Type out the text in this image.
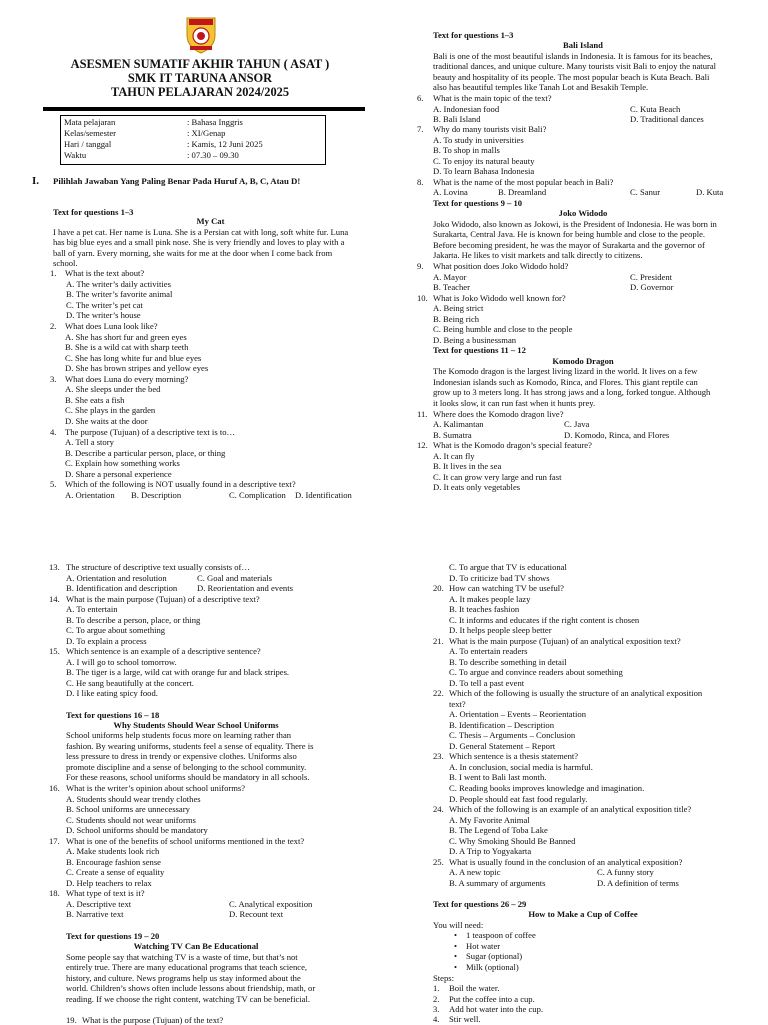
ASESMEN SUMATIF AKHIR TAHUN ( ASAT )
SMK IT TARUNA ANSOR
TAHUN PELAJARAN 2024/2025
Mata pelajaran	: Bahasa Inggris
Kelas/semester	: XI/Genap
Hari / tanggal	: Kamis, 12 Juni 2025
Waktu	: 07.30 – 09.30
I. Pilihlah Jawaban Yang Paling Benar Pada Huruf A, B, C, Atau D!
Text for questions 1–3
My Cat
I have a pet cat. Her name is Luna. She is a Persian cat with long, soft white fur. Luna
has big blue eyes and a small pink nose. She is very friendly and loves to play with a
ball of yarn. Every morning, she waits for me at the door when I come back from
school.
1. What is the text about?
A. The writer’s daily activities
B. The writer’s favorite animal
C. The writer’s pet cat
D. The writer’s house
2. What does Luna look like?
A. She has short fur and green eyes
B. She is a wild cat with sharp teeth
C. She has long white fur and blue eyes
D. She has brown stripes and yellow eyes
3. What does Luna do every morning?
A. She sleeps under the bed
B. She eats a fish
C. She plays in the garden
D. She waits at the door
4. The purpose (Tujuan) of a descriptive text is to…
A. Tell a story
B. Describe a particular person, place, or thing
C. Explain how something works
D. Share a personal experience
5. Which of the following is NOT usually found in a descriptive text?
A. Orientation B. Description	C. Complication D. Identification
Text for questions 1–3
Bali Island
Bali is one of the most beautiful islands in Indonesia. It is famous for its beaches,
traditional dances, and unique culture. Many tourists visit Bali to enjoy the natural
beauty and hospitality of its people. The most popular beach is Kuta Beach. Bali
also has beautiful temples like Tanah Lot and Besakih Temple.
6. What is the main topic of the text?
A. Indonesian food	C. Kuta Beach
B. Bali Island	D. Traditional dances
7. Why do many tourists visit Bali?
A. To study in universities
B. To shop in malls
C. To enjoy its natural beauty
D. To learn Bahasa Indonesia
8. What is the name of the most popular beach in Bali?
A. Lovina	B. Dreamland	C. Sanur	D. Kuta
Text for questions 9 – 10
Joko Widodo
Joko Widodo, also known as Jokowi, is the President of Indonesia. He was born in
Surakarta, Central Java. He is known for being humble and close to the people.
Before becoming president, he was the mayor of Surakarta and the governor of
Jakarta. He likes to visit markets and talk directly to citizens.
9. What position does Joko Widodo hold?
A. Mayor	C. President
B. Teacher	D. Governor
10. What is Joko Widodo well known for?
A. Being strict
B. Being rich
C. Being humble and close to the people
D. Being a businessman
Text for questions 11 – 12
Komodo Dragon
The Komodo dragon is the largest living lizard in the world. It lives on a few
Indonesian islands such as Komodo, Rinca, and Flores. This giant reptile can
grow up to 3 meters long. It has strong jaws and a long, forked tongue. Although
it looks slow, it can run fast when it hunts prey.
11. Where does the Komodo dragon live?
A. Kalimantan	C. Java
B. Sumatra	D. Komodo, Rinca, and Flores
12. What is the Komodo dragon’s special feature?
A. It can fly
B. It lives in the sea
C. It can grow very large and run fast
D. It eats only vegetables
13. The structure of descriptive text usually consists of…
A. Orientation and resolution	C. Goal and materials
B. Identification and description D. Reorientation and events
14. What is the main purpose (Tujuan) of a descriptive text?
A. To entertain
B. To describe a person, place, or thing
C. To argue about something
D. To explain a process
15. Which sentence is an example of a descriptive sentence?
A. I will go to school tomorrow.
B. The tiger is a large, wild cat with orange fur and black stripes.
C. He sang beautifully at the concert.
D. I like eating spicy food.
Text for questions 16 – 18
Why Students Should Wear School Uniforms
School uniforms help students focus more on learning rather than
fashion. By wearing uniforms, students feel a sense of equality. There is
less pressure to dress in trendy or expensive clothes. Uniforms also
promote discipline and a sense of belonging to the school community.
For these reasons, school uniforms should be mandatory in all schools.
16. What is the writer’s opinion about school uniforms?
A. Students should wear trendy clothes
B. School uniforms are unnecessary
C. Students should not wear uniforms
D. School uniforms should be mandatory
17. What is one of the benefits of school uniforms mentioned in the text?
A. Make students look rich
B. Encourage fashion sense
C. Create a sense of equality
D. Help teachers to relax
18. What type of text is it?
A. Descriptive text	C. Analytical exposition
B. Narrative text	D. Recount text
Text for questions 19 – 20
Watching TV Can Be Educational
Some people say that watching TV is a waste of time, but that’s not
entirely true. There are many educational programs that teach science,
history, and culture. News programs help us stay informed about the
world. Children’s shows often include lessons about friendship, math, or
reading. If we choose the right content, watching TV can be beneficial.
19. What is the purpose (Tujuan) of the text?
C. To argue that TV is educational
D. To criticize bad TV shows
20. How can watching TV be useful?
A. It makes people lazy
B. It teaches fashion
C. It informs and educates if the right content is chosen
D. It helps people sleep better
21. What is the main purpose (Tujuan) of an analytical exposition text?
A. To entertain readers
B. To describe something in detail
C. To argue and convince readers about something
D. To tell a past event
22. Which of the following is usually the structure of an analytical exposition
text?
A. Orientation – Events – Reorientation
B. Identification – Description
C. Thesis – Arguments – Conclusion
D. General Statement – Report
23. Which sentence is a thesis statement?
A. In conclusion, social media is harmful.
B. I went to Bali last month.
C. Reading books improves knowledge and imagination.
D. People should eat fast food regularly.
24. Which of the following is an example of an analytical exposition title?
A. My Favorite Animal
B. The Legend of Toba Lake
C. Why Smoking Should Be Banned
D. A Trip to Yogyakarta
25. What is usually found in the conclusion of an analytical exposition?
A. A new topic	C. A funny story
B. A summary of arguments	D. A definition of terms
Text for questions 26 – 29
How to Make a Cup of Coffee
You will need:
• 1 teaspoon of coffee
• Hot water
• Sugar (optional)
• Milk (optional)
Steps:
1. Boil the water.
2. Put the coffee into a cup.
3. Add hot water into the cup.
4. Stir well.
